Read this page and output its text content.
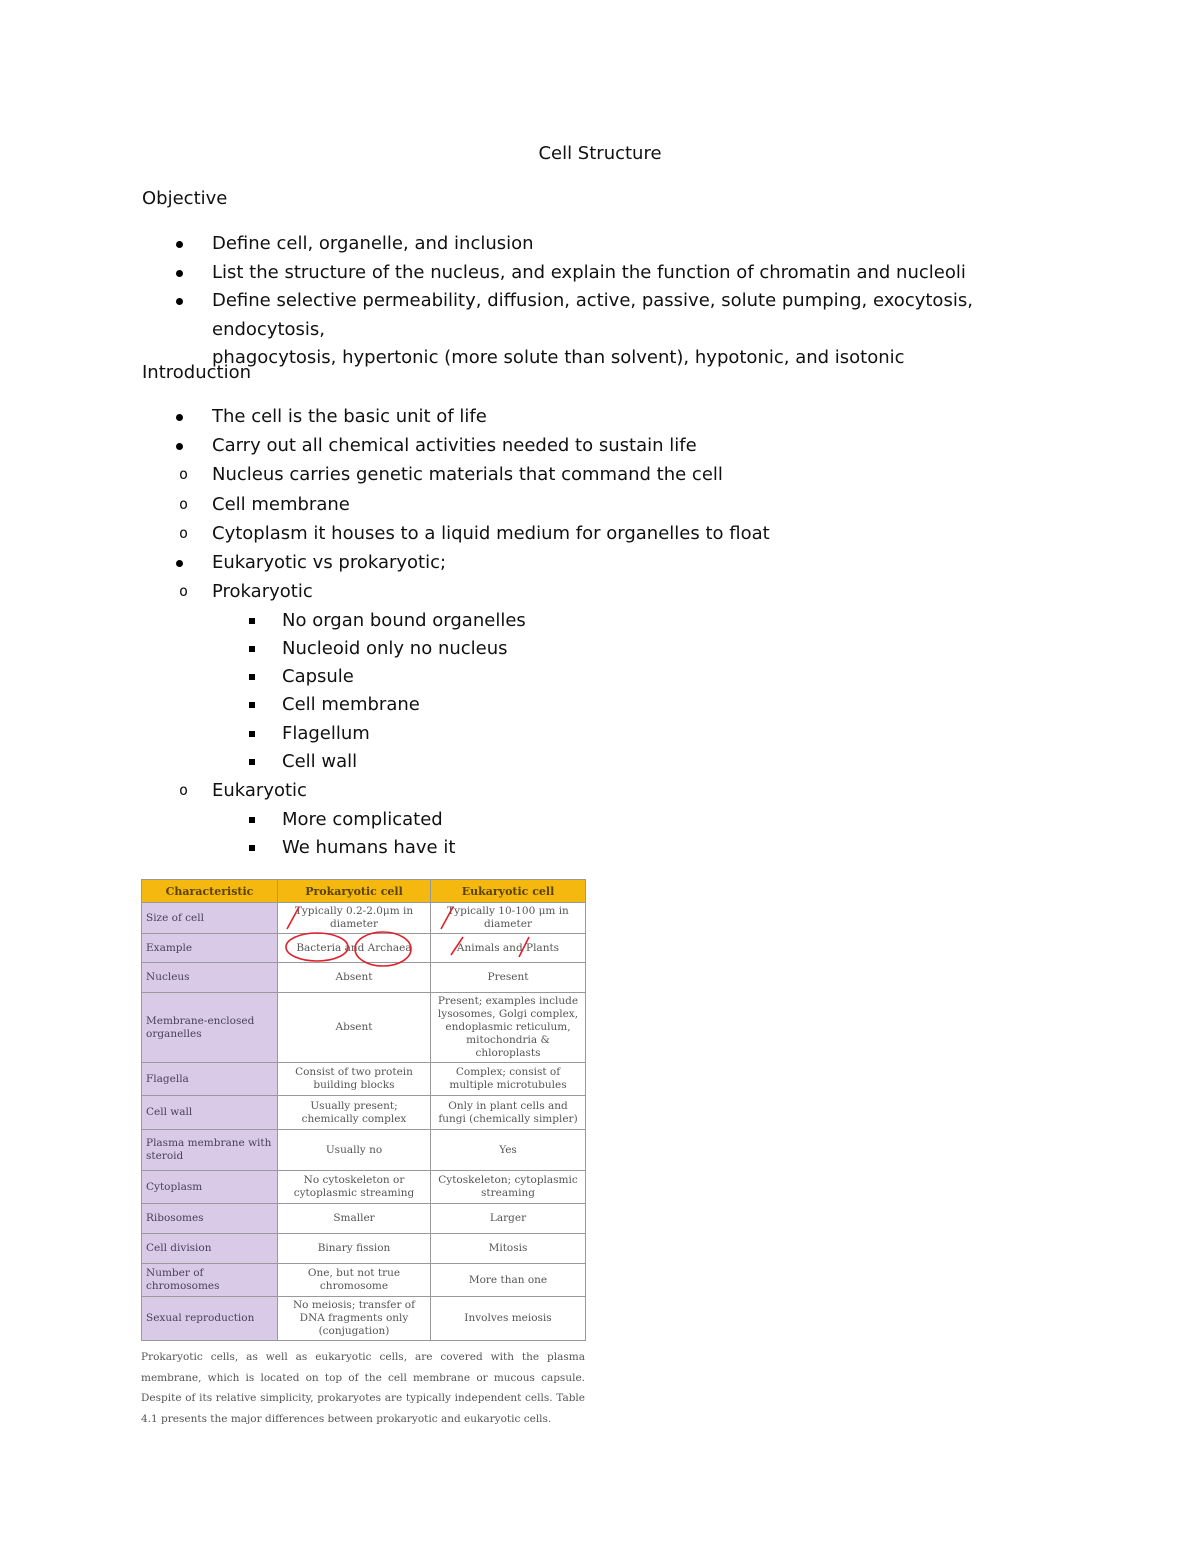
Cell Structure
Objective
Define cell, organelle, and inclusion
List the structure of the nucleus, and explain the function of chromatin and nucleoli
Define selective permeability, diffusion, active, passive, solute pumping, exocytosis, endocytosis,
phagocytosis, hypertonic (more solute than solvent), hypotonic, and isotonic
Introduction
The cell is the basic unit of life
Carry out all chemical activities needed to sustain life
o Nucleus carries genetic materials that command the cell
o Cell membrane
o Cytoplasm it houses to a liquid medium for organelles to float
Eukaryotic vs prokaryotic;
o Prokaryotic
No organ bound organelles
Nucleoid only no nucleus
Capsule
Cell membrane
Flagellum
Cell wall
o Eukaryotic
More complicated
We humans have it
Characteristic	Prokaryotic cell	Eukaryotic cell
Size of cell	Typically 0.2-2.0μm in diameter	Typically 10-100 μm in diameter
Example	Bacteria and Archaea	Animals and Plants
Nucleus	Absent	Present
Membrane-enclosed organelles	Absent	Present; examples include lysosomes, Golgi complex, endoplasmic reticulum, mitochondria & chloroplasts
Flagella	Consist of two protein building blocks	Complex; consist of multiple microtubules
Cell wall	Usually present; chemically complex	Only in plant cells and fungi (chemically simpler)
Plasma membrane with steroid	Usually no	Yes
Cytoplasm	No cytoskeleton or cytoplasmic streaming	Cytoskeleton; cytoplasmic streaming
Ribosomes	Smaller	Larger
Cell division	Binary fission	Mitosis
Number of chromosomes	One, but not true chromosome	More than one
Sexual reproduction	No meiosis; transfer of DNA fragments only (conjugation)	Involves meiosis
Prokaryotic cells, as well as eukaryotic cells, are covered with the plasma membrane, which is located on top of the cell membrane or mucous capsule. Despite of its relative simplicity, prokaryotes are typically independent cells. Table 4.1 presents the major differences between prokaryotic and eukaryotic cells.
